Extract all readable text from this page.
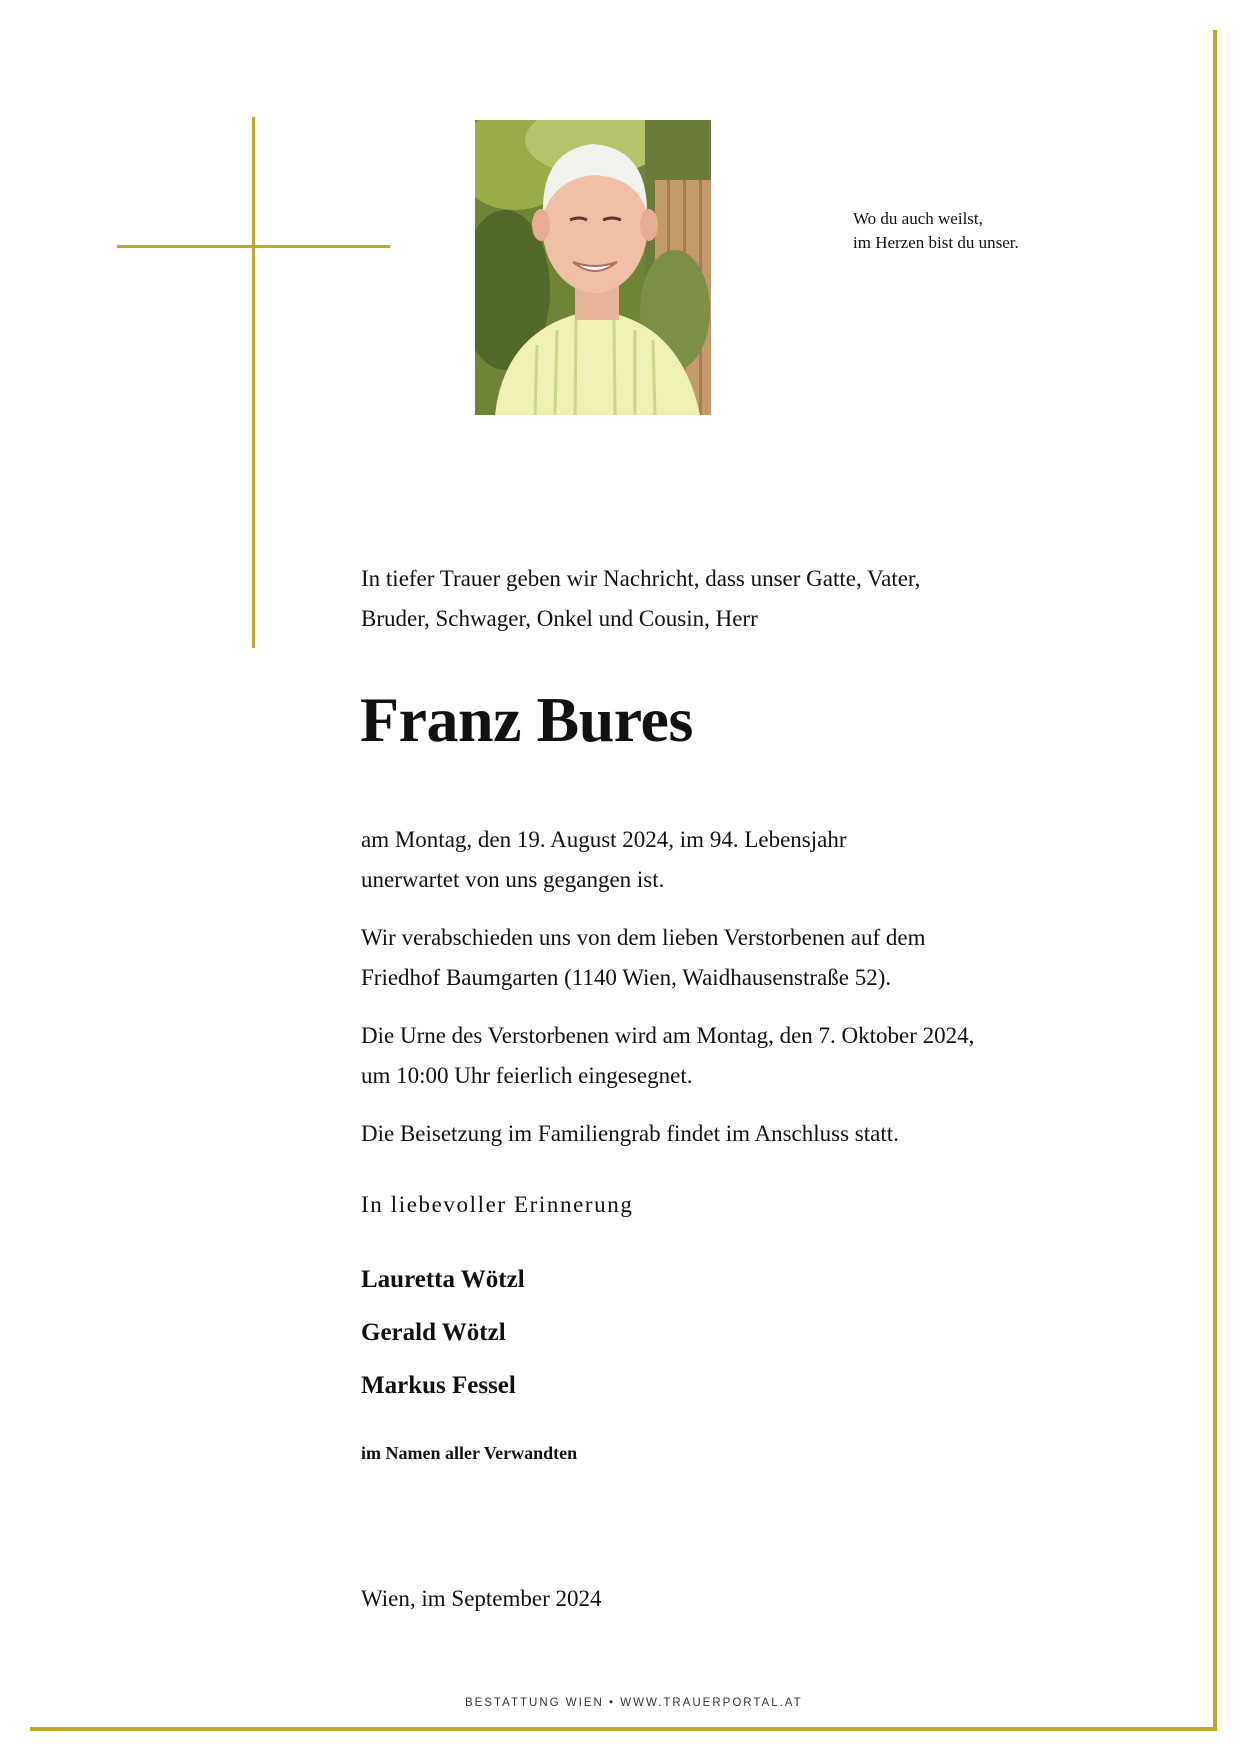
Wo du auch weilst,
im Herzen bist du unser.
In tiefer Trauer geben wir Nachricht, dass unser Gatte, Vater,
Bruder, Schwager, Onkel und Cousin, Herr
Franz Bures
am Montag, den 19. August 2024, im 94. Lebensjahr
unerwartet von uns gegangen ist.
Wir verabschieden uns von dem lieben Verstorbenen auf dem
Friedhof Baumgarten (1140 Wien, Waidhausenstraße 52).
Die Urne des Verstorbenen wird am Montag, den 7. Oktober 2024,
um 10:00 Uhr feierlich eingesegnet.
Die Beisetzung im Familiengrab findet im Anschluss statt.
In liebevoller Erinnerung
Lauretta Wötzl
Gerald Wötzl
Markus Fessel
im Namen aller Verwandten
Wien, im September 2024
BESTATTUNG WIEN • WWW.TRAUERPORTAL.AT
